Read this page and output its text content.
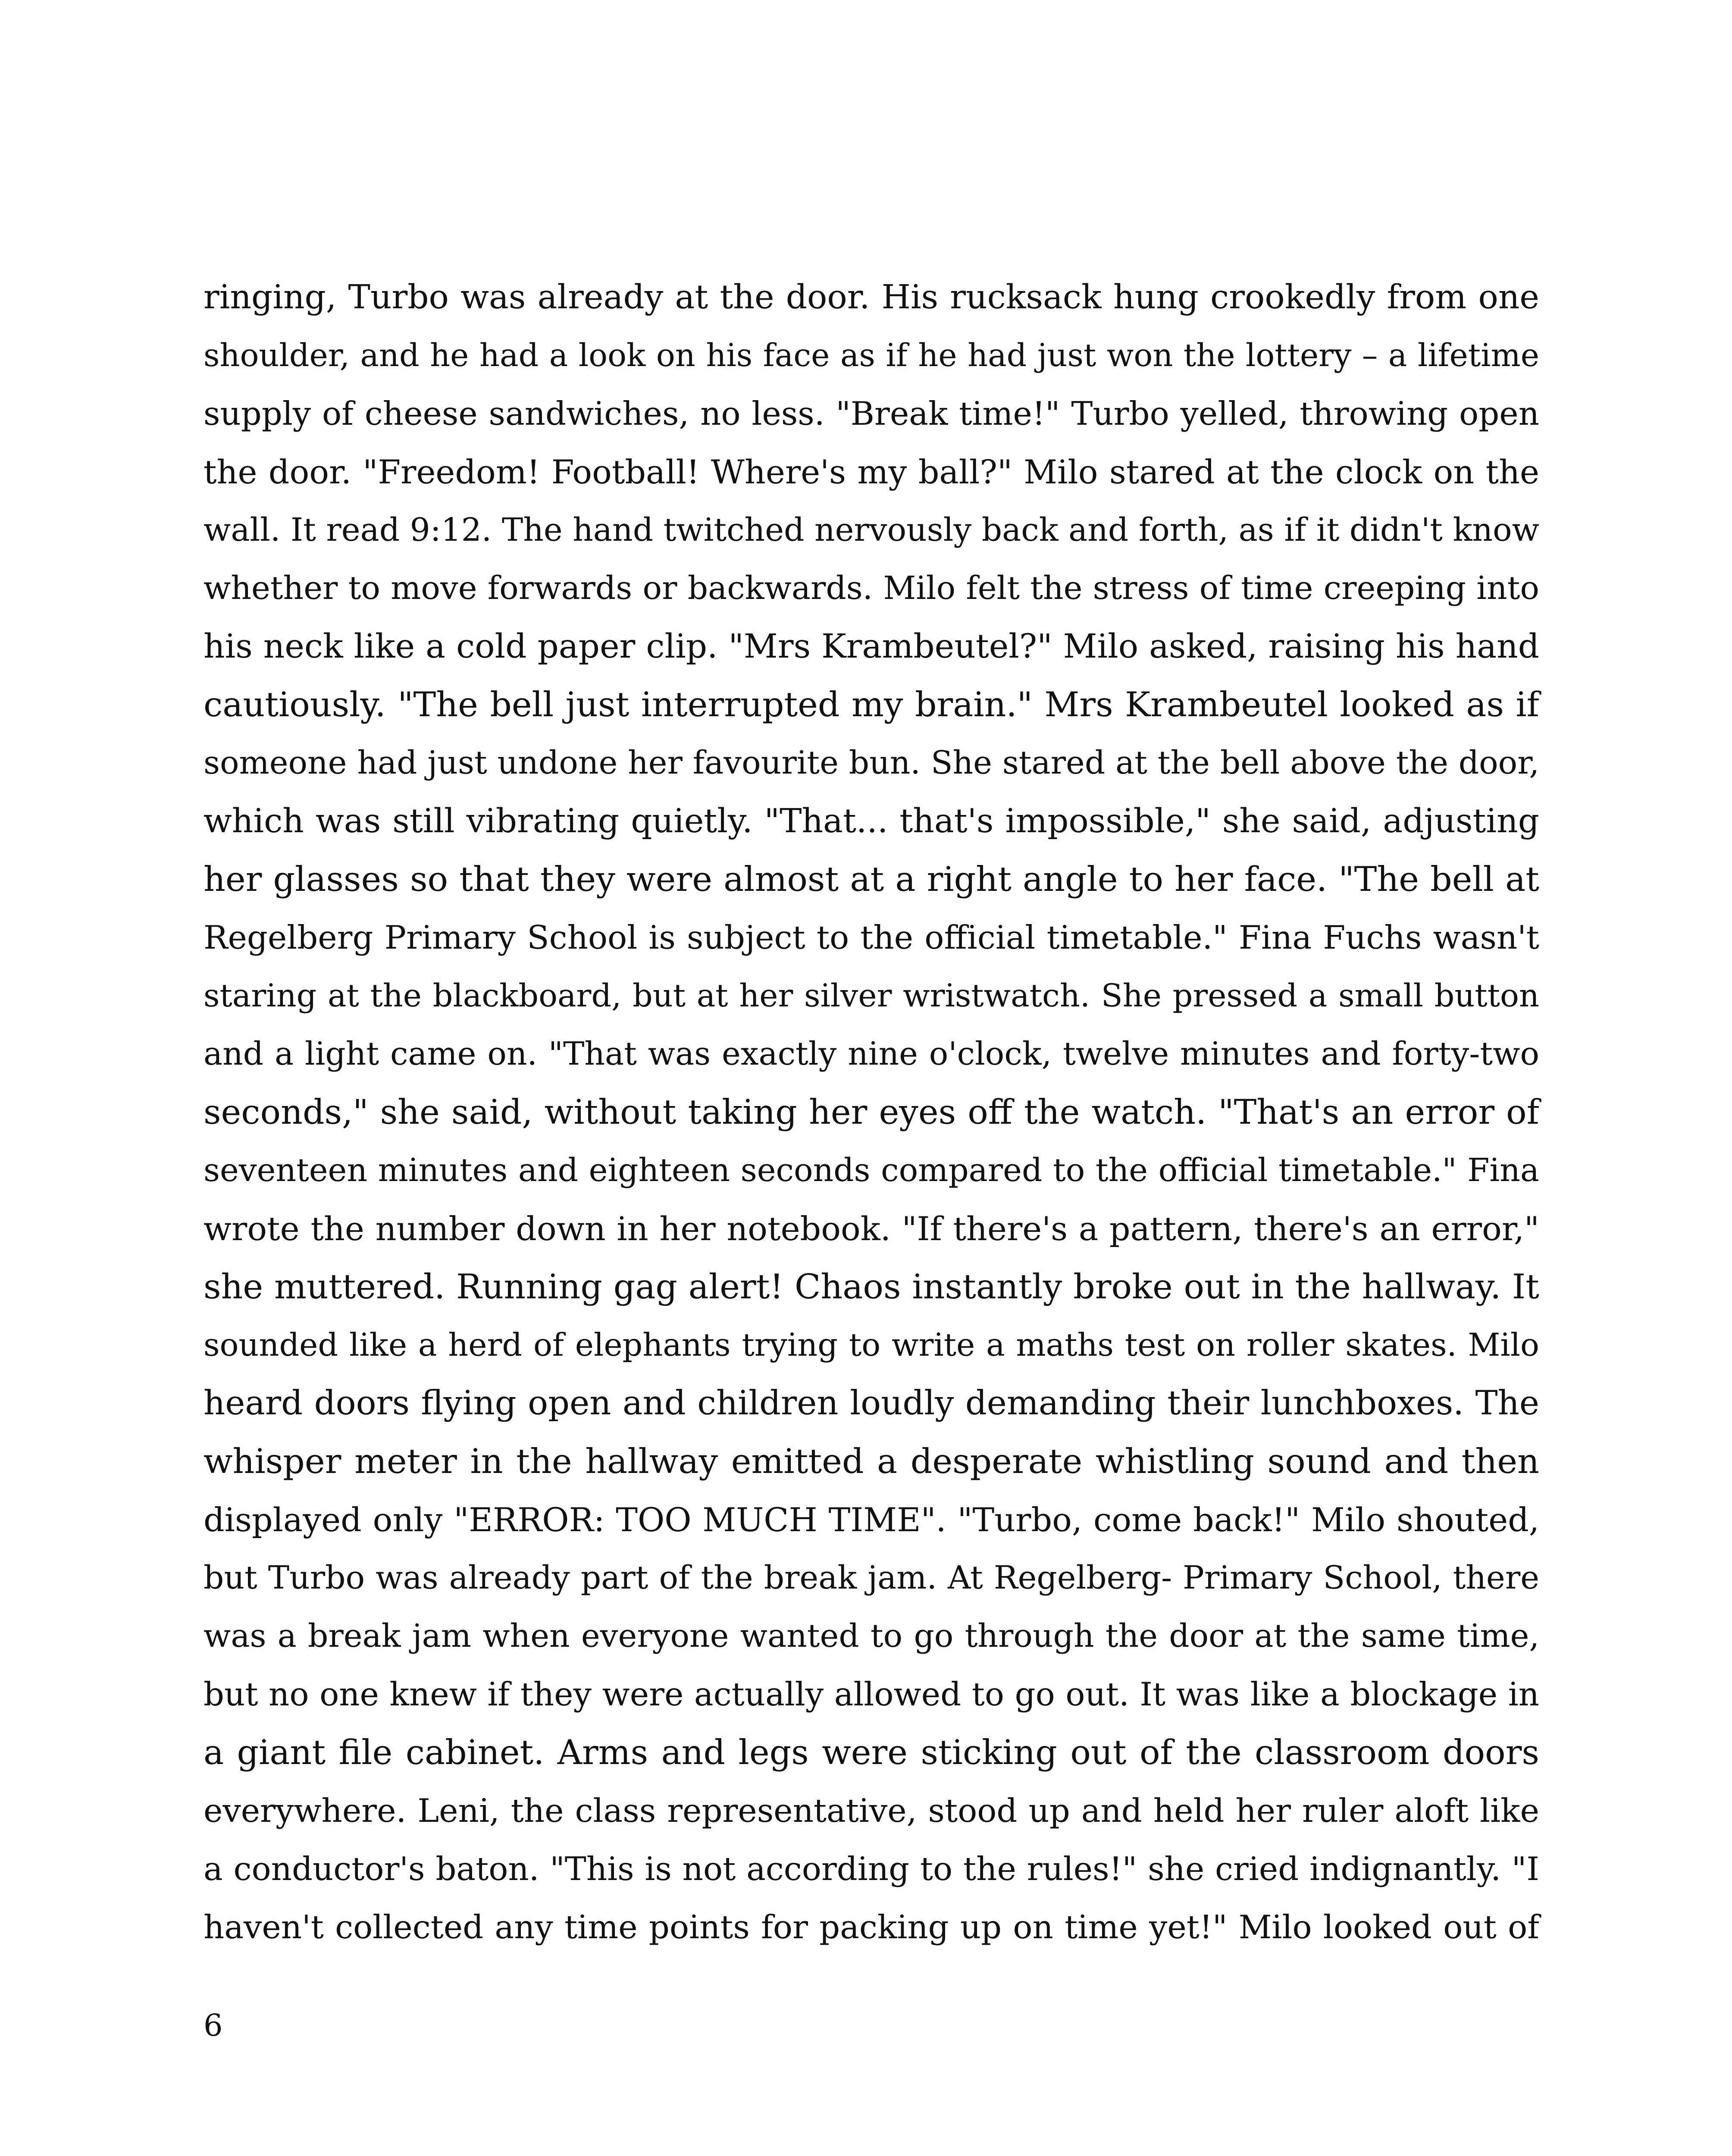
ringing, Turbo was already at the door. His rucksack hung crookedly from one
shoulder, and he had a look on his face as if he had just won the lottery – a lifetime
supply of cheese sandwiches, no less. "Break time!" Turbo yelled, throwing open
the door. "Freedom! Football! Where's my ball?" Milo stared at the clock on the
wall. It read 9:12. The hand twitched nervously back and forth, as if it didn't know
whether to move forwards or backwards. Milo felt the stress of time creeping into
his neck like a cold paper clip. "Mrs Krambeutel?" Milo asked, raising his hand
cautiously. "The bell just interrupted my brain." Mrs Krambeutel looked as if
someone had just undone her favourite bun. She stared at the bell above the door,
which was still vibrating quietly. "That... that's impossible," she said, adjusting
her glasses so that they were almost at a right angle to her face. "The bell at
Regelberg Primary School is subject to the official timetable." Fina Fuchs wasn't
staring at the blackboard, but at her silver wristwatch. She pressed a small button
and a light came on. "That was exactly nine o'clock, twelve minutes and forty-two
seconds," she said, without taking her eyes off the watch. "That's an error of
seventeen minutes and eighteen seconds compared to the official timetable." Fina
wrote the number down in her notebook. "If there's a pattern, there's an error,"
she muttered. Running gag alert! Chaos instantly broke out in the hallway. It
sounded like a herd of elephants trying to write a maths test on roller skates. Milo
heard doors flying open and children loudly demanding their lunchboxes. The
whisper meter in the hallway emitted a desperate whistling sound and then
displayed only "ERROR: TOO MUCH TIME". "Turbo, come back!" Milo shouted,
but Turbo was already part of the break jam. At Regelberg- Primary School, there
was a break jam when everyone wanted to go through the door at the same time,
but no one knew if they were actually allowed to go out. It was like a blockage in
a giant file cabinet. Arms and legs were sticking out of the classroom doors
everywhere. Leni, the class representative, stood up and held her ruler aloft like
a conductor's baton. "This is not according to the rules!" she cried indignantly. "I
haven't collected any time points for packing up on time yet!" Milo looked out of
6
